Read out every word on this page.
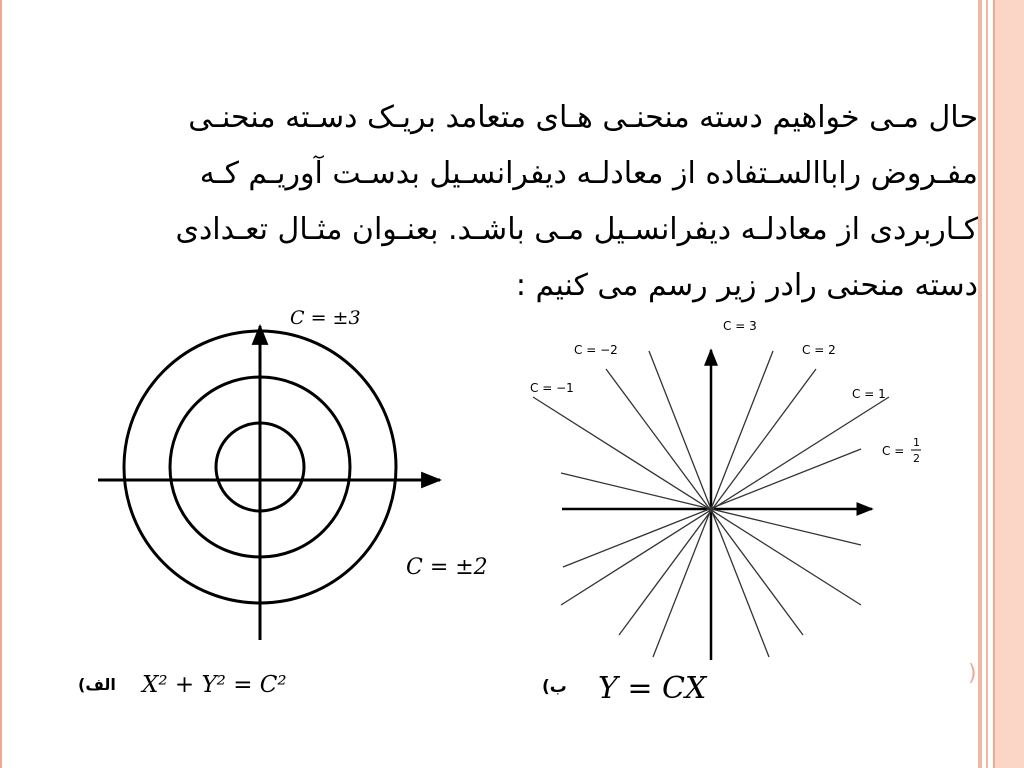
حال مـی خواهیم دسته منحنـی هـای متعامد بریـک دسـته منحنـی
مفـروض راباالسـتفاده از معادلـه دیفرانسـیل بدسـت آوریـم کـه
کـاربردی از معادلـه دیفرانسـیل مـی باشـد. بعنـوان مثـال تعـدادی
دسته منحنی رادر زیر رسم می کنیم :
C = ±3
C = ±2
(الف X² + Y² = C²
C = 3
C = −2	C = 2
C = −1	C = 1
C =
1
2
(ب Y = CX	)
